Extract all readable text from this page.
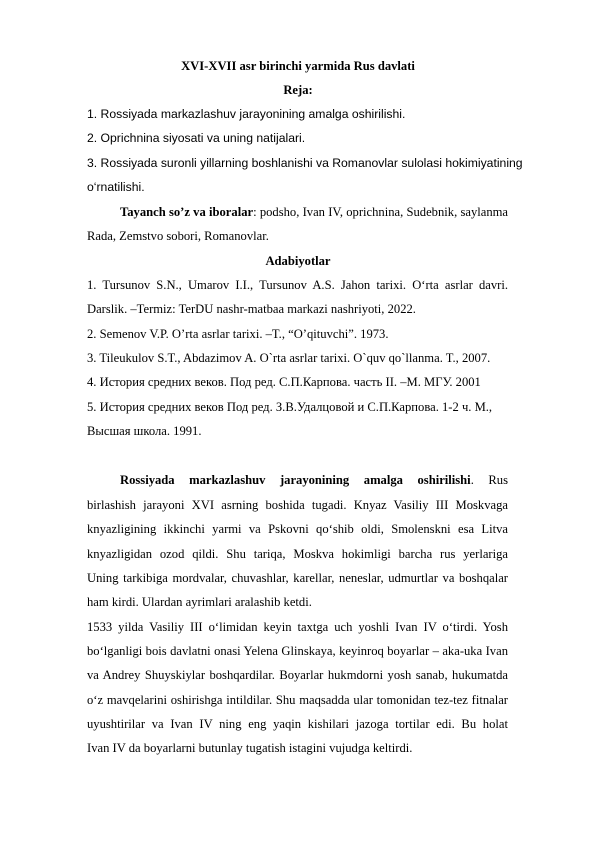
XVI-XVII asr birinchi yarmida Rus davlati
Reja:
1. Rossiyada markazlashuv jarayonining amalga oshirilishi.
2. Oprichnina siyosati va uning natijalari.
3. Rossiyada suronli yillarning boshlanishi va Romanovlar sulolasi hokimiyatining
o‘rnatilishi.
Tayanch so’z va iboralar: podsho, Ivan IV, oprichnina, Sudebnik, saylanma
Rada, Zemstvo sobori, Romanovlar.
Adabiyotlar
1. Tursunov S.N., Umarov I.I., Tursunov A.S. Jahon tarixi. O‘rta asrlar davri.
Darslik. –Termiz: TerDU nashr-matbaa markazi nashriyoti, 2022.
2. Semenov V.P. O’rta asrlar tarixi. –T., “O’qituvchi”. 1973.
3. Tileukulov S.T., Abdazimov A. O`rta asrlar tarixi. O`quv qo`llanma. T., 2007.
4. История средних веков. Под ред. С.П.Карпова. часть II. –М. МГУ. 2001
5. История средних веков Под ред. З.В.Удалцовой и С.П.Карпова. 1-2 ч. М.,
Высшая школа. 1991.
Rossiyada markazlashuv jarayonining amalga oshirilishi. Rus
birlashish jarayoni XVI asrning boshida tugadi. Knyaz Vasiliy III Moskvaga
knyazligining ikkinchi yarmi va Pskovni qo‘shib oldi, Smolenskni esa Litva
knyazligidan ozod qildi. Shu tariqa, Moskva hokimligi barcha rus yerlariga
Uning tarkibiga mordvalar, chuvashlar, karellar, neneslar, udmurtlar va boshqalar
ham kirdi. Ulardan ayrimlari aralashib ketdi.
1533 yilda Vasiliy III o‘limidan keyin taxtga uch yoshli Ivan IV o‘tirdi. Yosh
bo‘lganligi bois davlatni onasi Yelena Glinskaya, keyinroq boyarlar – aka-uka Ivan
va Andrey Shuyskiylar boshqardilar. Boyarlar hukmdorni yosh sanab, hukumatda
o‘z mavqelarini oshirishga intildilar. Shu maqsadda ular tomonidan tez-tez fitnalar
uyushtirilar va Ivan IV ning eng yaqin kishilari jazoga tortilar edi. Bu holat
Ivan IV da boyarlarni butunlay tugatish istagini vujudga keltirdi.
